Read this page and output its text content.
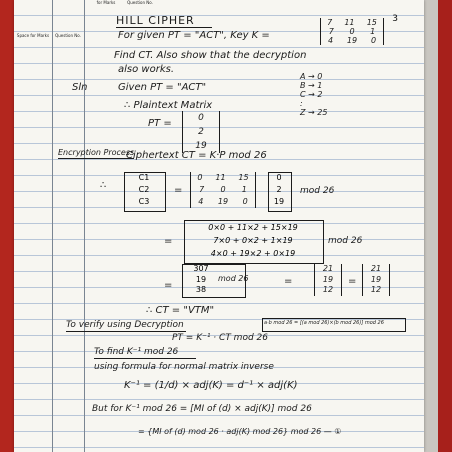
Space for Marks Question No.
for Marks	Question No.
3
HILL CIPHER
For given PT = "ACT", Key K =
7 11 15
7 0 1
4 19 0
Find CT. Also show that the decryption
also works.
Sln	Given PT = "ACT"
A → 0
B → 1
C → 2
:
Z → 25
∴ Plaintext Matrix
PT =	0
2
19
Encryption Process
Ciphertext CT = K·P mod 26
∴
C1
C2
C3
=
0 11 15
7 0 1
4 19 0
0
2
19
mod 26
=
0×0 + 11×2 + 15×19
7×0 + 0×2 + 1×19
4×0 + 19×2 + 0×19
mod 26
=
307
19
38
mod 26	=
21
19
12
=
21
19
12
∴ CT = "VTM"
To verify using Decryption	a·b mod 26 = [(a mod 26)×(b mod 26)] mod 26
PT = K⁻¹ · CT mod 26
To find K⁻¹ mod 26
using formula for normal matrix inverse
K⁻¹ = (1/d) × adj(K) = d⁻¹ × adj(K)
But for K⁻¹ mod 26 = [MI of (d) × adj(K)] mod 26
= {MI of (d) mod 26 · adj(K) mod 26} mod 26 — ①
